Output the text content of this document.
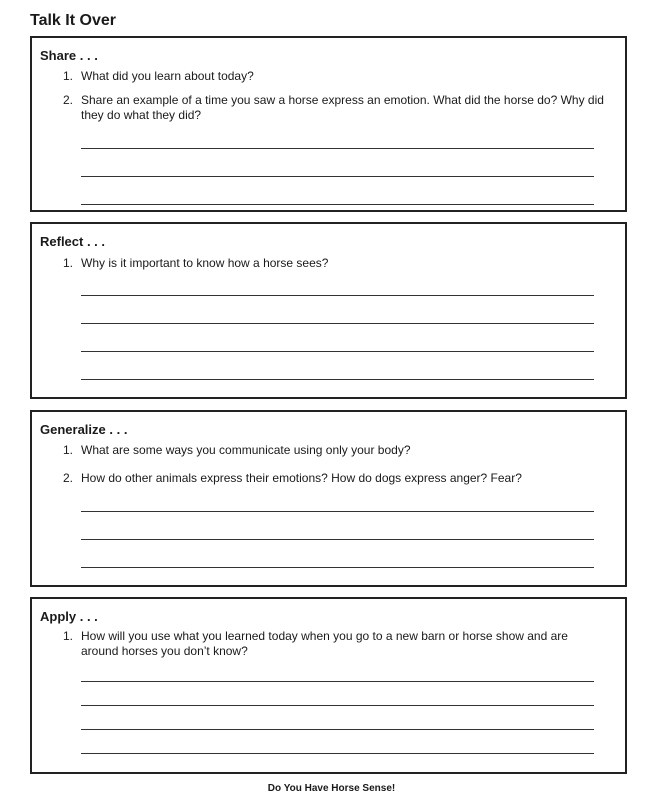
Talk It Over
Share . . .
1. What did you learn about today?
2. Share an example of a time you saw a horse express an emotion. What did the horse do? Why did they do what they did?
Reflect . . .
1. Why is it important to know how a horse sees?
Generalize . . .
1. What are some ways you communicate using only your body?
2. How do other animals express their emotions? How do dogs express anger? Fear?
Apply . . .
1. How will you use what you learned today when you go to a new barn or horse show and are around horses you don’t know?
Do You Have Horse Sense!
